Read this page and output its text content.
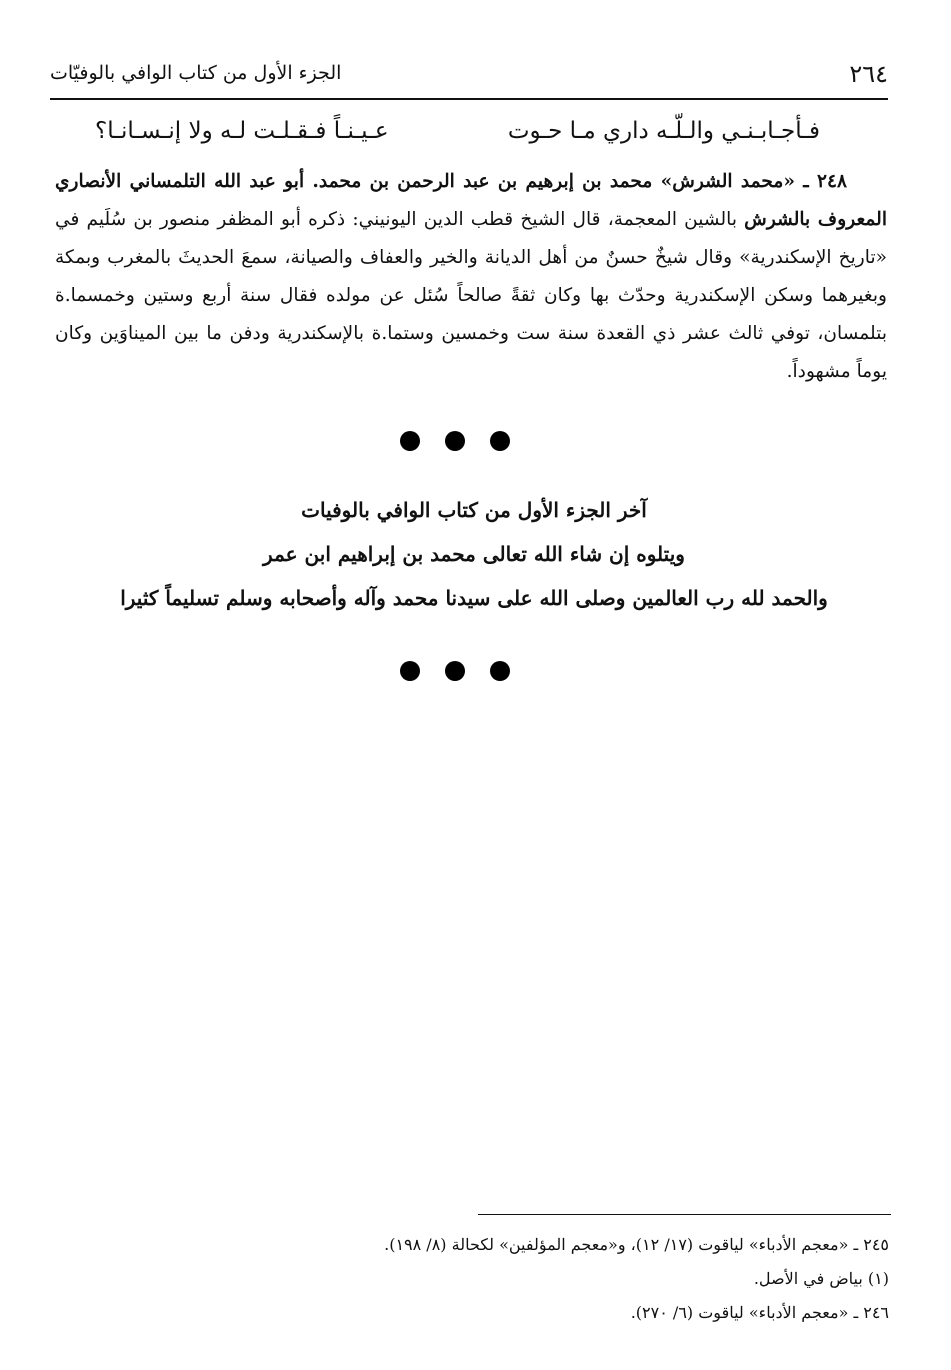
٢٦٤
الجزء الأول من كتاب الوافي بالوفيّات
فـأجـابـنـي والـلّـه داري مـا حـوت
عـيـنـاً فـقـلـت لـه ولا إنـسـانـا؟

٢٤٨ ـ «محمد الشرش» محمد بن إبرهيم بن عبد الرحمن بن محمد. أبو عبد الله التلمساني الأنصاري المعروف بالشرش بالشين المعجمة، قال الشيخ قطب الدين اليونيني: ذكره أبو المظفر منصور بن سُلَيم في «تاريخ الإسكندرية» وقال شيخٌ حسنٌ من أهل الديانة والخير والعفاف والصيانة، سمعَ الحديثَ بالمغرب وبمكة وبغيرهما وسكن الإسكندرية وحدّث بها وكان ثقةً صالحاً سُئل عن مولده فقال سنة أربع وستين وخمسما.ة بتلمسان، توفي ثالث عشر ذي القعدة سنة ست وخمسين وستما.ة بالإسكندرية ودفن ما بين الميناوَين وكان يوماً مشهوداً.

آخر الجزء الأول من كتاب الوافي بالوفيات
ويتلوه إن شاء الله تعالى محمد بن إبراهيم ابن عمر
والحمد لله رب العالمين وصلى الله على سيدنا محمد وآله وأصحابه وسلم تسليماً كثيرا
٢٤٥ ـ «معجم الأدباء» لياقوت (١٧/ ١٢)، و«معجم المؤلفين» لكحالة (٨/ ١٩٨).
(١) بياض في الأصل.
٢٤٦ ـ «معجم الأدباء» لياقوت (٦/ ٢٧٠).
